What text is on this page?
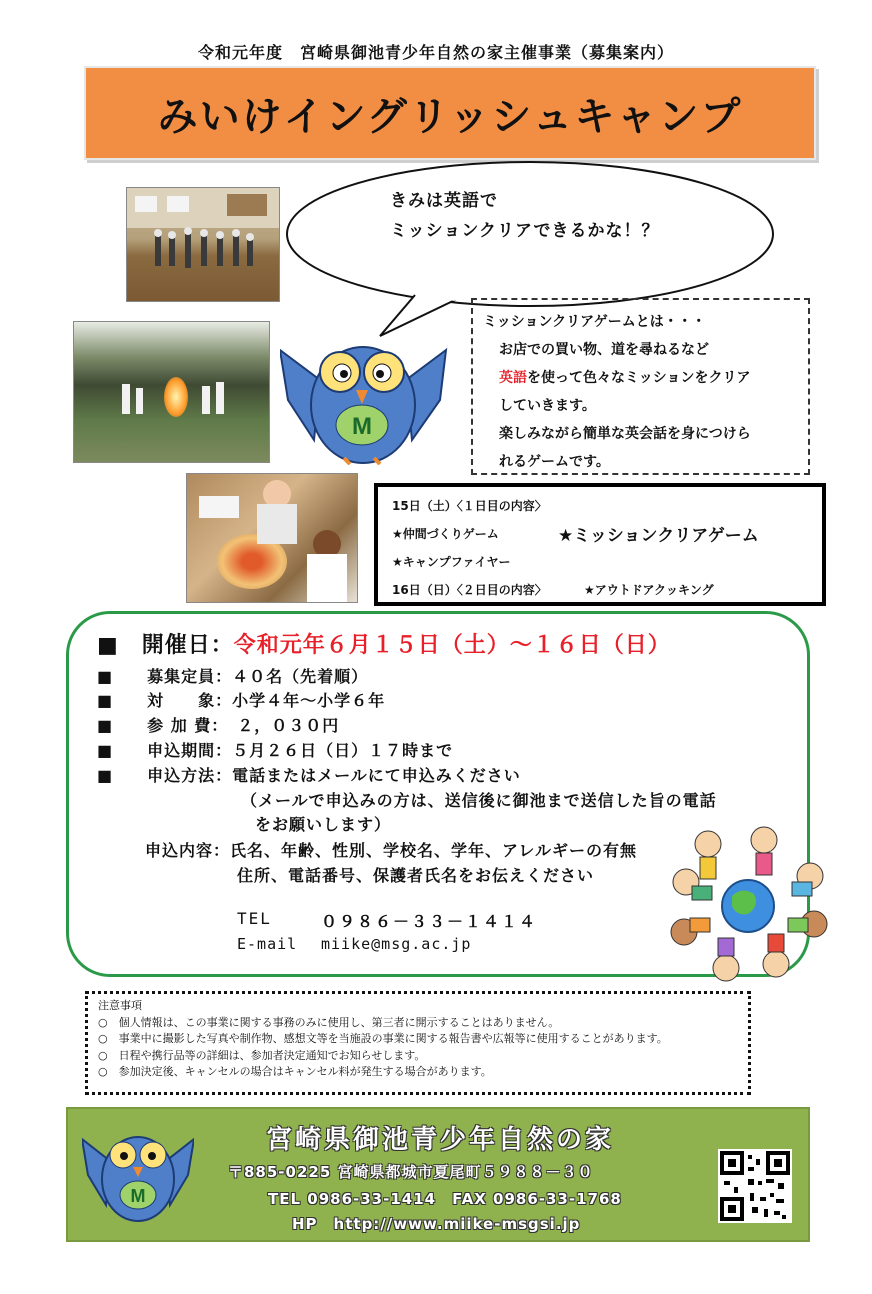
令和元年度　宮崎県御池青少年自然の家主催事業（募集案内）
みいけイングリッシュキャンプ
きみは英語で
ミッションクリアできるかな！？
M
ミッションクリアゲームとは・・・
お店での買い物、道を尋ねるなど
英語を使って色々なミッションをクリア
していきます。
楽しみながら簡単な英会話を身につけら
れるゲームです。
15日（土）〈１日目の内容〉
★仲間づくりゲーム	★ミッションクリアゲーム
★キャンプファイヤー
16日（日）〈２日目の内容〉	★アウトドアクッキング
■　開催日：令和元年６月１５日（土）～１６日（日）
■　　募集定員：４０名（先着順）
■　　対　　象：小学４年～小学６年
■　　参 加 費：　２，０３０円
■　　申込期間：５月２６日（日）１７時まで
■　　申込方法：電話またはメールにて申込みください
（メールで申込みの方は、送信後に御池まで送信した旨の電話
をお願いします）
申込内容：氏名、年齢、性別、学校名、学年、アレルギーの有無
住所、電話番号、保護者氏名をお伝えください
TEL	０９８６－３３－１４１４
E-mail miike@msg.ac.jp
注意事項
○　個人情報は、この事業に関する事務のみに使用し、第三者に開示することはありません。
○　事業中に撮影した写真や制作物、感想文等を当施設の事業に関する報告書や広報等に使用することがあります。
○　日程や携行品等の詳細は、参加者決定通知でお知らせします。
○　参加決定後、キャンセルの場合はキャンセル料が発生する場合があります。
M
宮崎県御池青少年自然の家
〒885-0225 宮崎県都城市夏尾町５９８８－３０
TEL 0986-33-1414　FAX 0986-33-1768
HP　http://www.miike-msgsi.jp
